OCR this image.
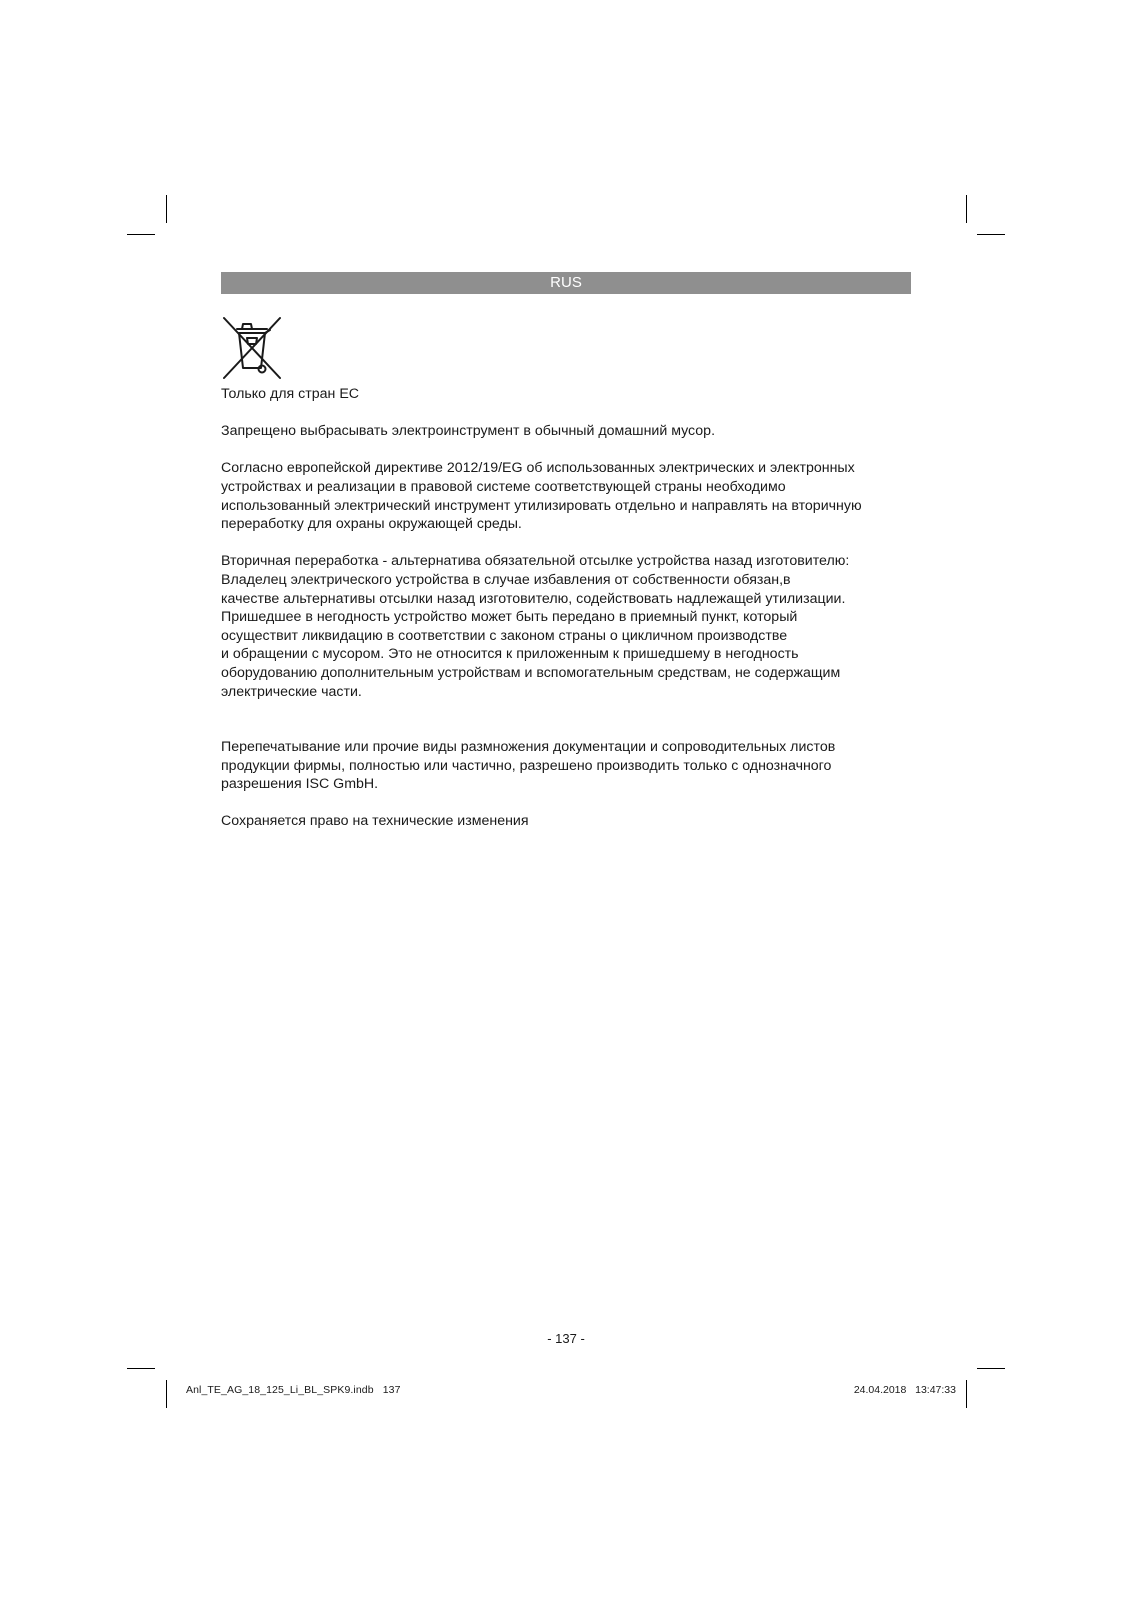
RUS

Только для стран ЕС

Запрещено выбрасывать электроинструмент в обычный домашний мусор.

Согласно европейской директиве 2012/19/EG об использованных электрических и электронных
устройствах и реализации в правовой системе соответствующей страны необходимо
использованный электрический инструмент утилизировать отдельно и направлять на вторичную
переработку для охраны окружающей среды.

Вторичная переработка - альтернатива обязательной отсылке устройства назад изготовителю:
Владелец электрического устройства в случае избавления от собственности обязан,в
качестве альтернативы отсылки назад изготовителю, содействовать надлежащей утилизации.
Пришедшее в негодность устройство может быть передано в приемный пункт, который
осуществит ликвидацию в соответствии с законом страны о цикличном производстве
и обращении с мусором. Это не относится к приложенным к пришедшему в негодность
оборудованию дополнительным устройствам и вспомогательным средствам, не содержащим
электрические части.

Перепечатывание или прочие виды размножения документации и сопроводительных листов
продукции фирмы, полностью или частично, разрешено производить только с однозначного
разрешения ISC GmbH.

Сохраняется право на технические изменения

- 137 -
Anl_TE_AG_18_125_Li_BL_SPK9.indb   137	24.04.2018   13:47:33
